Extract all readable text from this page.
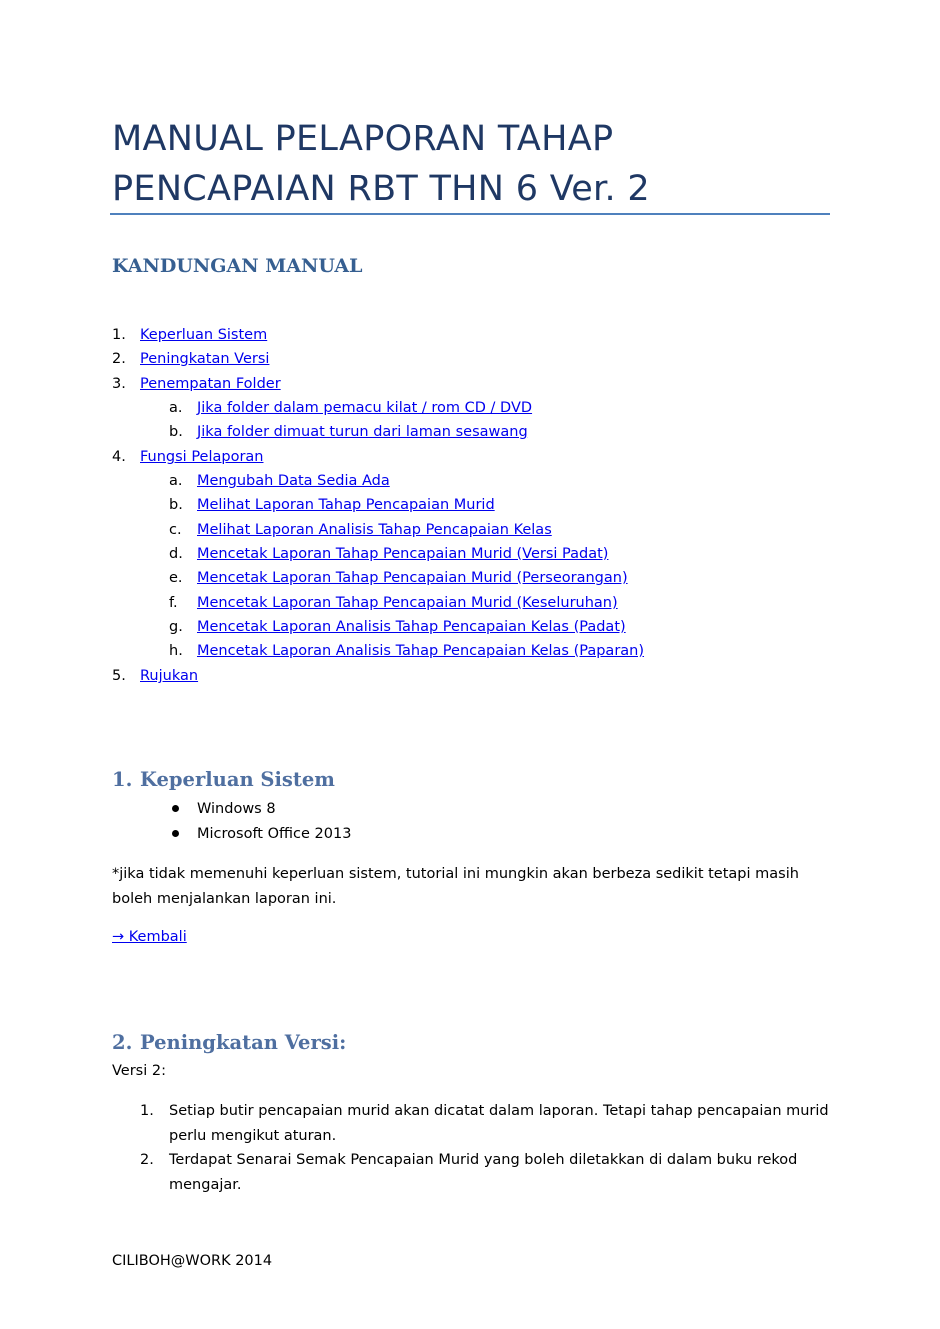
MANUAL PELAPORAN TAHAP
PENCAPAIAN RBT THN 6 Ver. 2
KANDUNGAN MANUAL
1. Keperluan Sistem
2. Peningkatan Versi
3. Penempatan Folder
a. Jika folder dalam pemacu kilat / rom CD / DVD
b. Jika folder dimuat turun dari laman sesawang
4. Fungsi Pelaporan
a. Mengubah Data Sedia Ada
b. Melihat Laporan Tahap Pencapaian Murid
c. Melihat Laporan Analisis Tahap Pencapaian Kelas
d. Mencetak Laporan Tahap Pencapaian Murid (Versi Padat)
e. Mencetak Laporan Tahap Pencapaian Murid (Perseorangan)
f. Mencetak Laporan Tahap Pencapaian Murid (Keseluruhan)
g. Mencetak Laporan Analisis Tahap Pencapaian Kelas (Padat)
h. Mencetak Laporan Analisis Tahap Pencapaian Kelas (Paparan)
5. Rujukan
1. Keperluan Sistem
Windows 8
Microsoft Office 2013
*jika tidak memenuhi keperluan sistem, tutorial ini mungkin akan berbeza sedikit tetapi masih boleh menjalankan laporan ini.
→ Kembali
2. Peningkatan Versi:
Versi 2:
1. Setiap butir pencapaian murid akan dicatat dalam laporan. Tetapi tahap pencapaian murid perlu mengikut aturan.
2. Terdapat Senarai Semak Pencapaian Murid yang boleh diletakkan di dalam buku rekod mengajar.
CILIBOH@WORK 2014
